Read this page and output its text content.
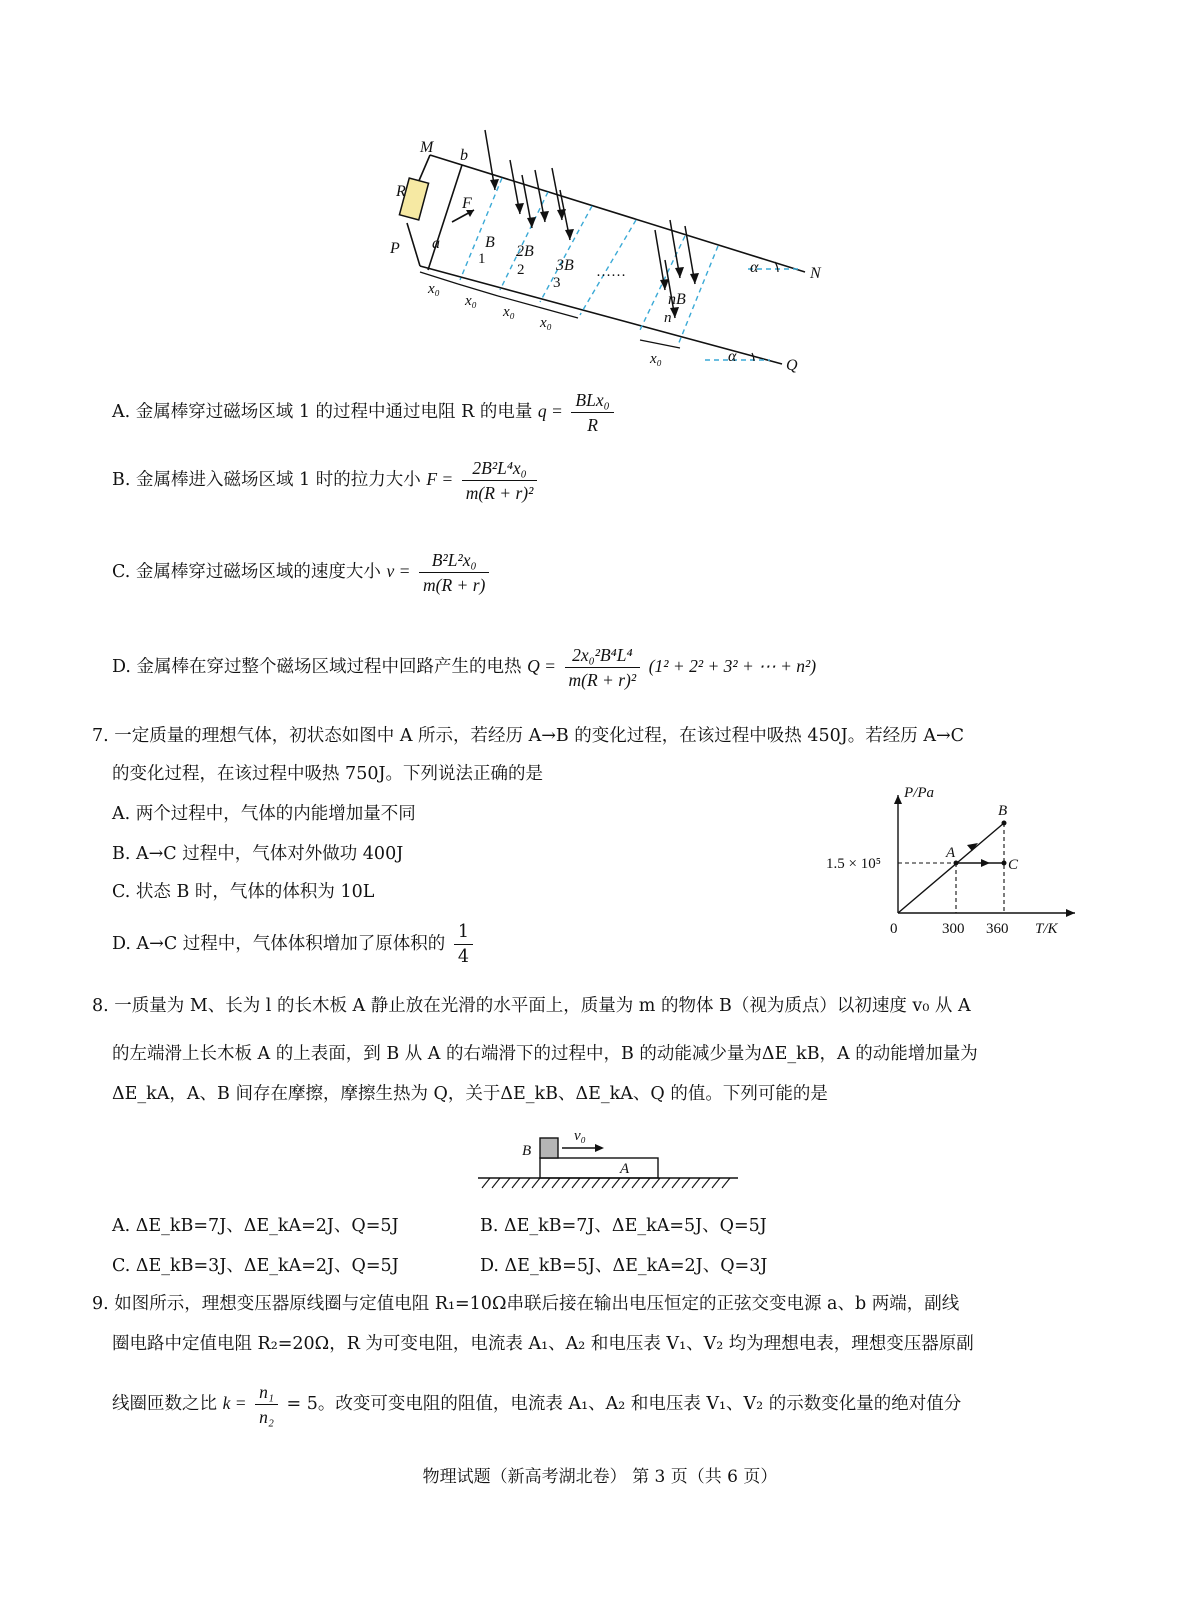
M b
R
F
P a
N
Q
α
α
B
2B
3B
nB
1
2
3
n
……
x₀
x₀
x₀
x₀
x₀
A. 金属棒穿过磁场区域 1 的过程中通过电阻 R 的电量 $q = \frac{\text{BLx₀}}{R}$
B. 金属棒进入磁场区域 1 时的拉力大小 $F = \frac{\text{2B²L⁴x₀}}{\text{m(R + r)²}}$
C. 金属棒穿过磁场区域的速度大小 $v = \frac{\text{B²L²x₀}}{m(R + r)}$
D. 金属棒在穿过整个磁场区域过程中回路产生的电热 $Q = \frac{\text{2x₀²B⁴L⁴}}{\text{m(R + r)²}} (1^2 + 2^2 + 3^2$ + ⋯ + n²)
7. 一定质量的理想气体，初状态如图中 A 所示，若经历 A→B 的变化过程，在该过程中吸热 450J。若经历 A→C
的变化过程，在该过程中吸热 750J。下列说法正确的是
A. 两个过程中，气体的内能增加量不同
B. A→C 过程中，气体对外做功 400J
C. 状态 B 时，气体的体积为 10L
D. A→C 过程中，气体体积增加了原体积的 $\frac{1}{4}$
P/Pa
T/K
0
1.5 × 10⁵
300 360
A
B
C
8. 一质量为 M、长为 l 的长木板 A 静止放在光滑的水平面上，质量为 m 的物体 B（视为质点）以初速度 v₀ 从 A
的左端滑上长木板 A 的上表面，到 B 从 A 的右端滑下的过程中，B 的动能减少量为ΔE_kB，A 的动能增加量为
ΔE_kA，A、B 间存在摩擦，摩擦生热为 Q，关于ΔE_kB、ΔE_kA、Q 的值。下列可能的是
B
A
v₀
A. ΔE_kB=7J、ΔE_kA=2J、Q=5J	B. ΔE_kB=7J、ΔE_kA=5J、Q=5J
C. ΔE_kB=3J、ΔE_kA=2J、Q=5J	D. ΔE_kB=5J、ΔE_kA=2J、Q=3J
9. 如图所示，理想变压器原线圈与定值电阻 R₁=10Ω串联后接在输出电压恒定的正弦交变电源 a、b 两端，副线
圈电路中定值电阻 R₂=20Ω，R 为可变电阻，电流表 A₁、A₂ 和电压表 V₁、V₂ 均为理想电表，理想变压器原副
线圈匝数之比 $k = \frac{\text{n₁}}{\text{n₂}} = 5$。改变可变电阻的阻值，电流表 A₁、A₂ 和电压表 V₁、V₂ 的示数变化量的绝对值分
物理试题（新高考湖北卷） 第 3 页（共 6 页）
